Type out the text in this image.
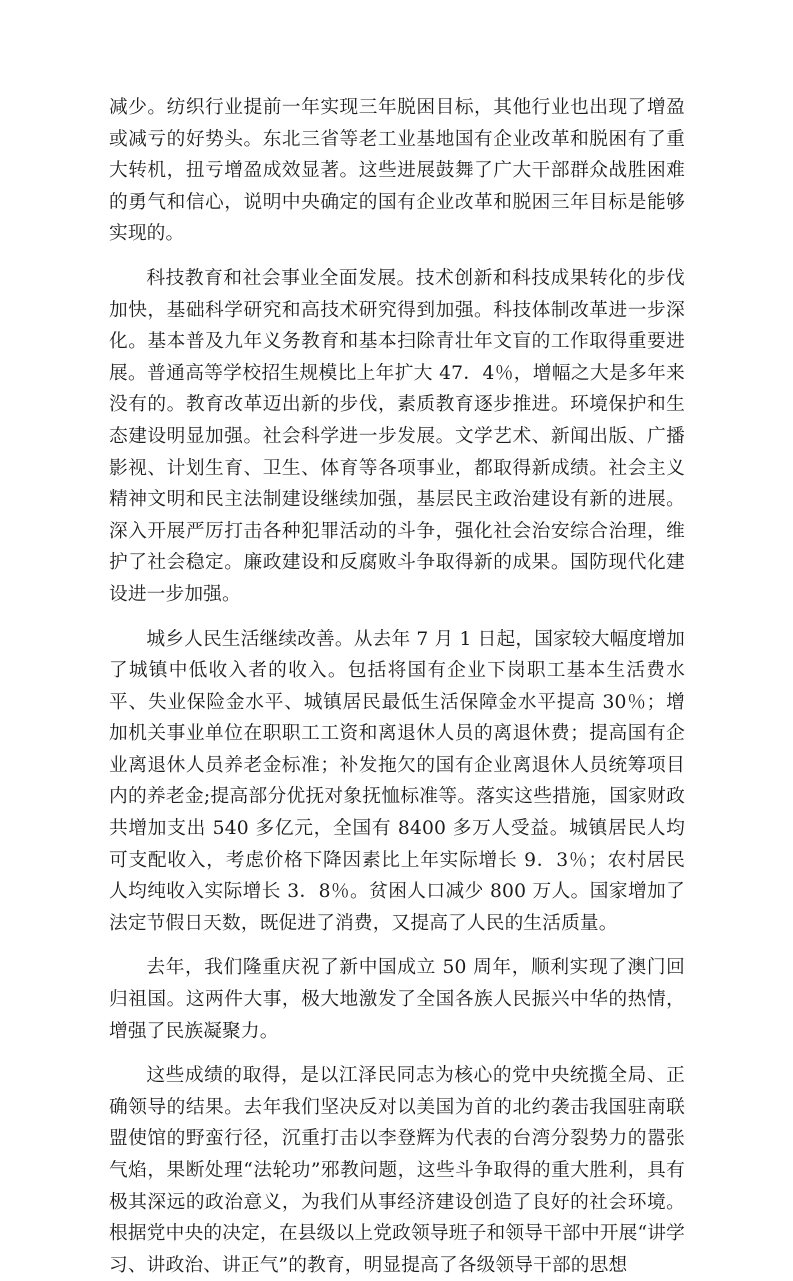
减少。纺织行业提前一年实现三年脱困目标，其他行业也出现了增盈或减亏的好势头。东北三省等老工业基地国有企业改革和脱困有了重大转机，扭亏增盈成效显著。这些进展鼓舞了广大干部群众战胜困难的勇气和信心，说明中央确定的国有企业改革和脱困三年目标是能够实现的。

科技教育和社会事业全面发展。技术创新和科技成果转化的步伐加快，基础科学研究和高技术研究得到加强。科技体制改革进一步深化。基本普及九年义务教育和基本扫除青壮年文盲的工作取得重要进展。普通高等学校招生规模比上年扩大 47．4％，增幅之大是多年来没有的。教育改革迈出新的步伐，素质教育逐步推进。环境保护和生态建设明显加强。社会科学进一步发展。文学艺术、新闻出版、广播影视、计划生育、卫生、体育等各项事业，都取得新成绩。社会主义精神文明和民主法制建设继续加强，基层民主政治建设有新的进展。深入开展严厉打击各种犯罪活动的斗争，强化社会治安综合治理，维护了社会稳定。廉政建设和反腐败斗争取得新的成果。国防现代化建设进一步加强。

城乡人民生活继续改善。从去年 7 月 1 日起，国家较大幅度增加了城镇中低收入者的收入。包括将国有企业下岗职工基本生活费水平、失业保险金水平、城镇居民最低生活保障金水平提高 30％；增加机关事业单位在职职工工资和离退休人员的离退休费；提高国有企业离退休人员养老金标准；补发拖欠的国有企业离退休人员统筹项目内的养老金;提高部分优抚对象抚恤标准等。落实这些措施，国家财政共增加支出 540 多亿元，全国有 8400 多万人受益。城镇居民人均可支配收入，考虑价格下降因素比上年实际增长 9．3％；农村居民人均纯收入实际增长 3．8％。贫困人口减少 800 万人。国家增加了法定节假日天数，既促进了消费，又提高了人民的生活质量。

去年，我们隆重庆祝了新中国成立 50 周年，顺利实现了澳门回归祖国。这两件大事，极大地激发了全国各族人民振兴中华的热情，增强了民族凝聚力。

这些成绩的取得，是以江泽民同志为核心的党中央统揽全局、正确领导的结果。去年我们坚决反对以美国为首的北约袭击我国驻南联盟使馆的野蛮行径，沉重打击以李登辉为代表的台湾分裂势力的嚣张气焰，果断处理“法轮功”邪教问题，这些斗争取得的重大胜利，具有极其深远的政治意义，为我们从事经济建设创造了良好的社会环境。根据党中央的决定，在县级以上党政领导班子和领导干部中开展“讲学习、讲政治、讲正气”的教育，明显提高了各级领导干部的思想
